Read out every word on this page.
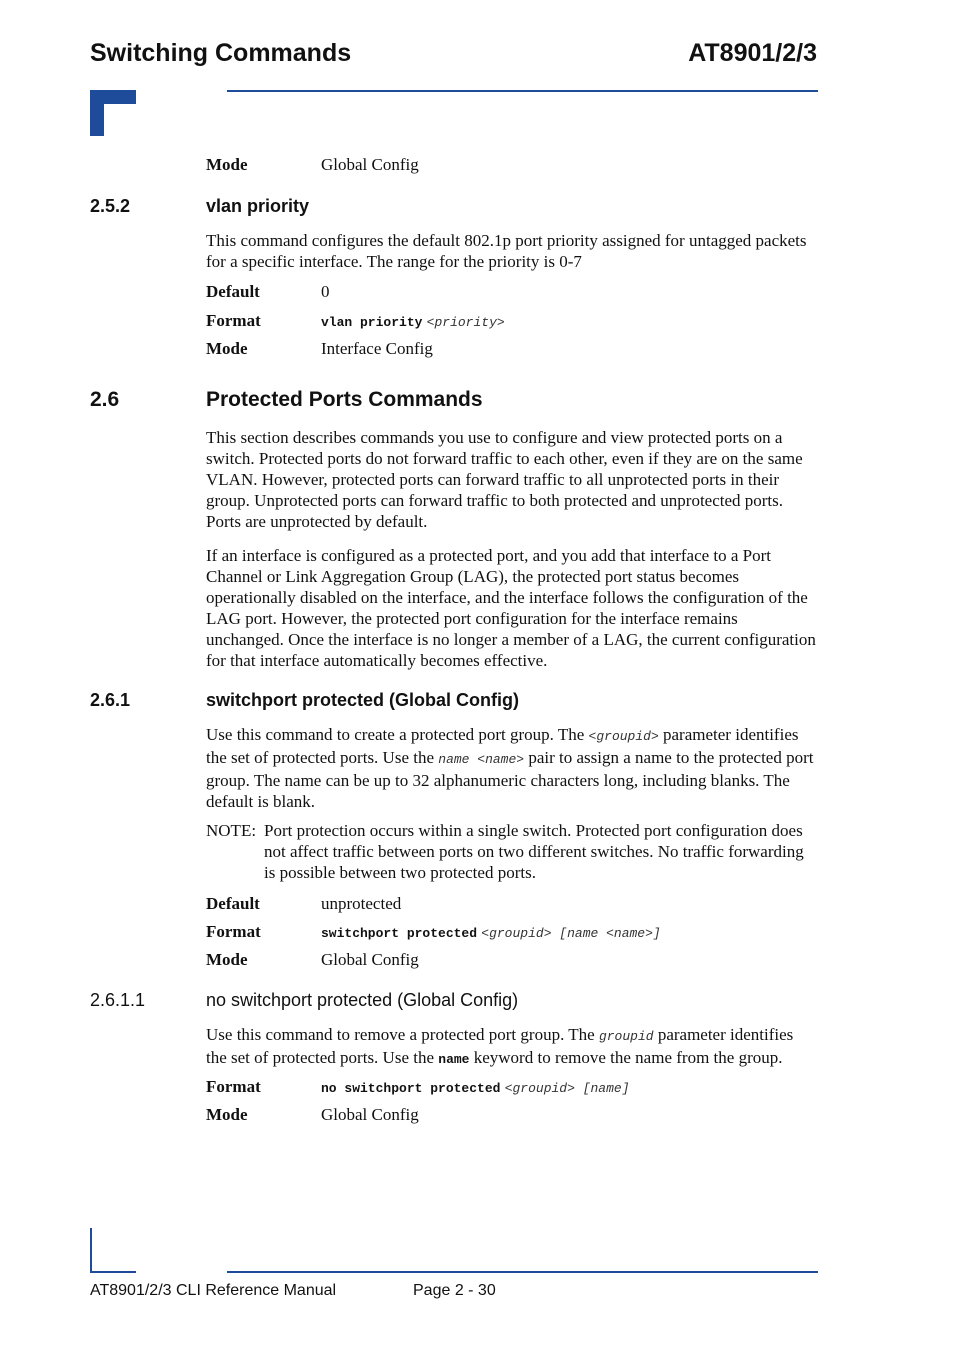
Switching Commands	AT8901/2/3
Mode	Global Config
2.5.2	vlan priority
This command configures the default 802.1p port priority assigned for untagged packets for a specific interface. The range for the priority is 0-7
Default	0
Format	vlan priority <priority>
Mode	Interface Config
2.6	Protected Ports Commands
This section describes commands you use to configure and view protected ports on a switch. Protected ports do not forward traffic to each other, even if they are on the same VLAN. However, protected ports can forward traffic to all unprotected ports in their group. Unprotected ports can forward traffic to both protected and unprotected ports. Ports are unprotected by default.
If an interface is configured as a protected port, and you add that interface to a Port Channel or Link Aggregation Group (LAG), the protected port status becomes operationally disabled on the interface, and the interface follows the configuration of the LAG port. However, the protected port configuration for the interface remains unchanged. Once the interface is no longer a member of a LAG, the current configuration for that interface automatically becomes effective.
2.6.1	switchport protected (Global Config)
Use this command to create a protected port group. The <groupid> parameter identifies the set of protected ports. Use the name <name> pair to assign a name to the protected port group. The name can be up to 32 alphanumeric characters long, including blanks. The default is blank.
NOTE: Port protection occurs within a single switch. Protected port configuration does not affect traffic between ports on two different switches. No traffic forwarding is possible between two protected ports.
Default	unprotected
Format	switchport protected <groupid> [name <name>]
Mode	Global Config
2.6.1.1	no switchport protected (Global Config)
Use this command to remove a protected port group. The groupid parameter identifies the set of protected ports. Use the name keyword to remove the name from the group.
Format	no switchport protected <groupid> [name]
Mode	Global Config
AT8901/2/3 CLI Reference Manual	Page 2 - 30
